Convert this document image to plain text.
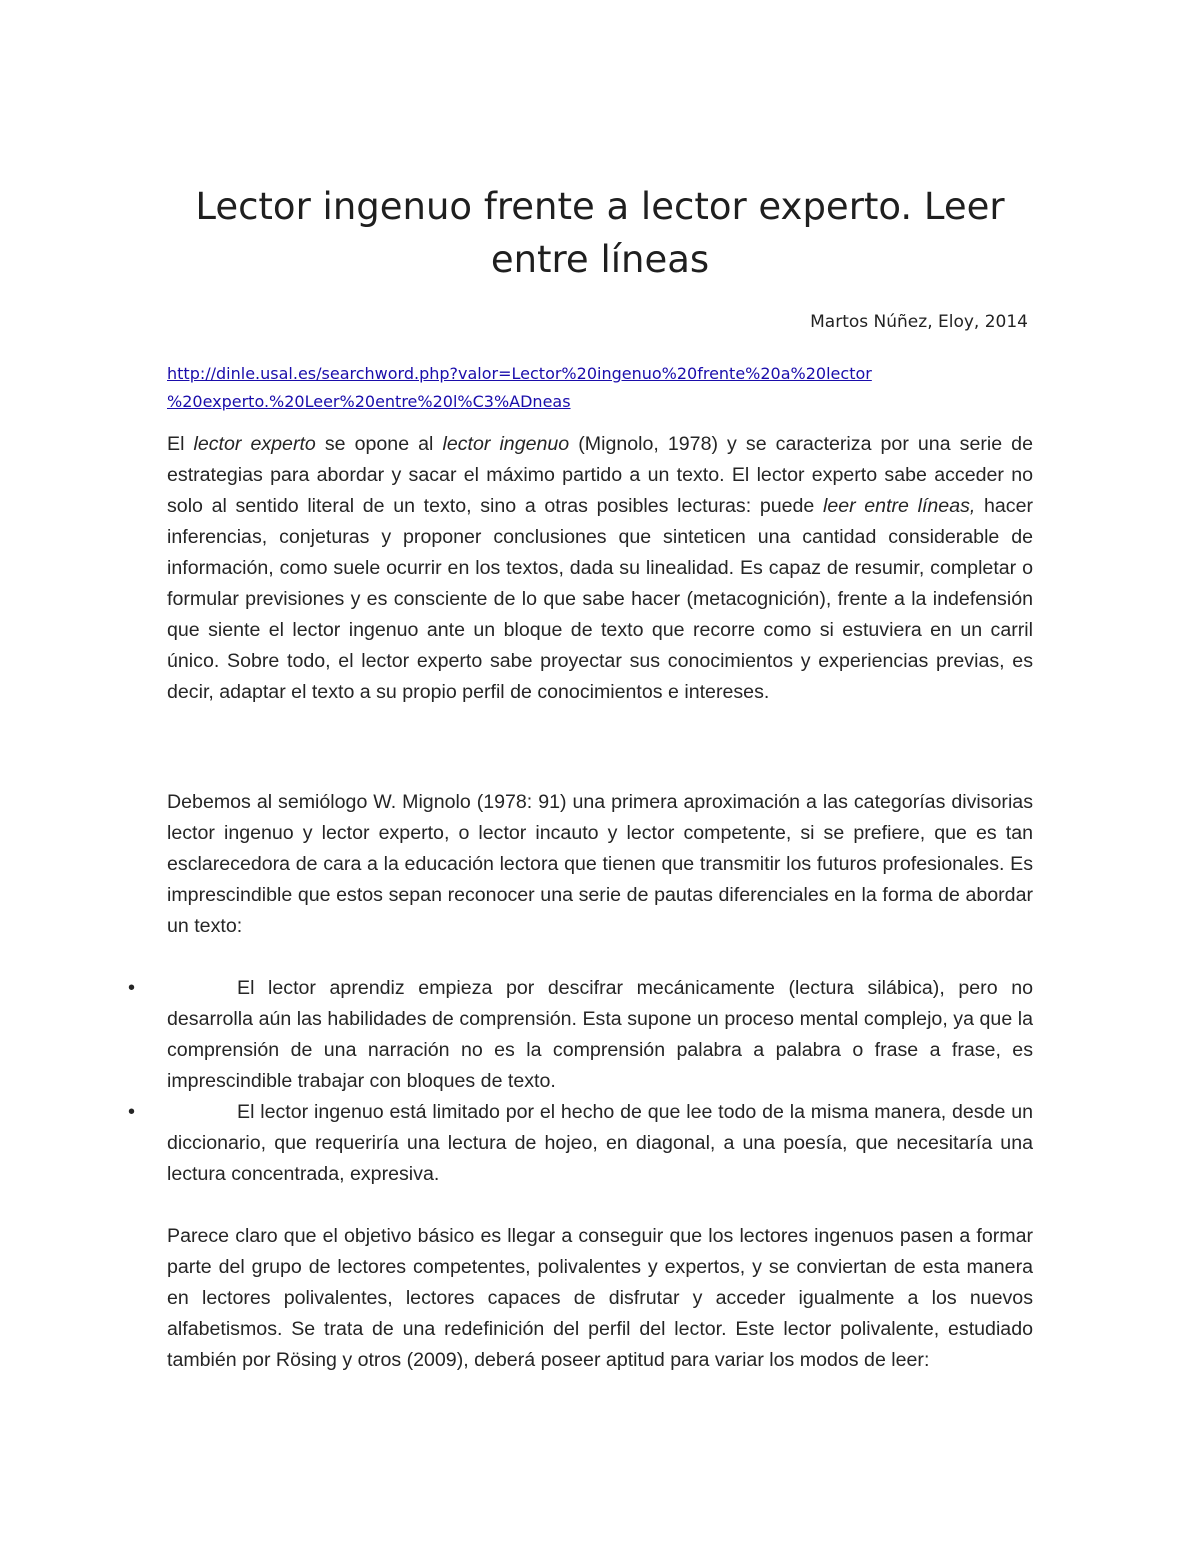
Lector ingenuo frente a lector experto. Leer
entre líneas
Martos Núñez, Eloy, 2014
http://dinle.usal.es/searchword.php?valor=Lector%20ingenuo%20frente%20a%20lector
%20experto.%20Leer%20entre%20l%C3%ADneas

El lector experto se opone al lector ingenuo (Mignolo, 1978) y se caracteriza por una serie de estrategias para abordar y sacar el máximo partido a un texto. El lector experto sabe acceder no solo al sentido literal de un texto, sino a otras posibles lecturas: puede leer entre líneas, hacer inferencias, conjeturas y proponer conclusiones que sinteticen una cantidad considerable de información, como suele ocurrir en los textos, dada su linealidad. Es capaz de resumir, completar o formular previsiones y es consciente de lo que sabe hacer (metacognición), frente a la indefensión que siente el lector ingenuo ante un bloque de texto que recorre como si estuviera en un carril único. Sobre todo, el lector experto sabe proyectar sus conocimientos y experiencias previas, es decir, adaptar el texto a su propio perfil de conocimientos e intereses.

Debemos al semiólogo W. Mignolo (1978: 91) una primera aproximación a las categorías divisorias lector ingenuo y lector experto, o lector incauto y lector competente, si se prefiere, que es tan esclarecedora de cara a la educación lectora que tienen que transmitir los futuros profesionales. Es imprescindible que estos sepan reconocer una serie de pautas diferenciales en la forma de abordar un texto:

•	El lector aprendiz empieza por descifrar mecánicamente (lectura silábica), pero no desarrolla aún las habilidades de comprensión. Esta supone un proceso mental complejo, ya que la comprensión de una narración no es la comprensión palabra a palabra o frase a frase, es imprescindible trabajar con bloques de texto.
•	El lector ingenuo está limitado por el hecho de que lee todo de la misma manera, desde un diccionario, que requeriría una lectura de hojeo, en diagonal, a una poesía, que necesitaría una lectura concentrada, expresiva.

Parece claro que el objetivo básico es llegar a conseguir que los lectores ingenuos pasen a formar parte del grupo de lectores competentes, polivalentes y expertos, y se conviertan de esta manera en lectores polivalentes, lectores capaces de disfrutar y acceder igualmente a los nuevos alfabetismos. Se trata de una redefinición del perfil del lector. Este lector polivalente, estudiado también por Rösing y otros (2009), deberá poseer aptitud para variar los modos de leer:
